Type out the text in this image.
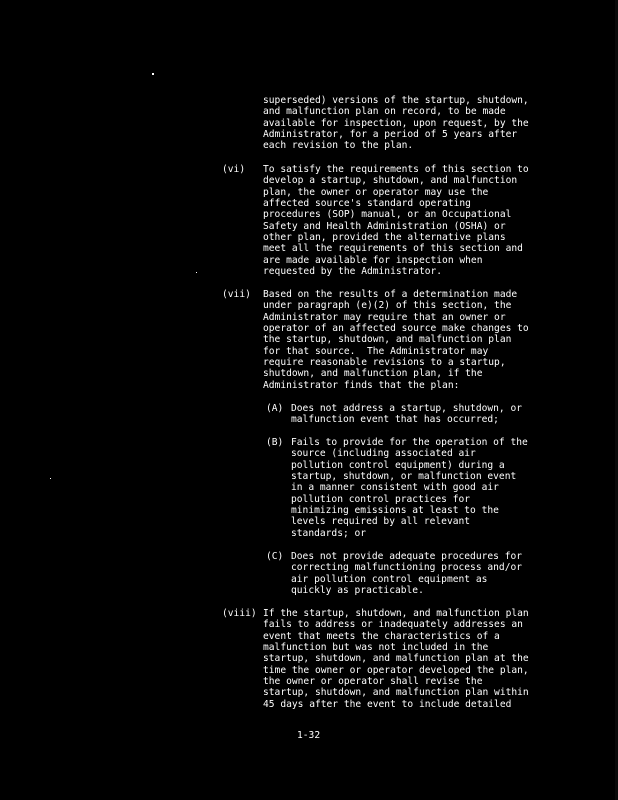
superseded) versions of the startup, shutdown,
and malfunction plan on record, to be made
available for inspection, upon request, by the
Administrator, for a period of 5 years after
each revision to the plan.
(vi) To satisfy the requirements of this section to
develop a startup, shutdown, and malfunction
plan, the owner or operator may use the
affected source's standard operating
procedures (SOP) manual, or an Occupational
Safety and Health Administration (OSHA) or
other plan, provided the alternative plans
meet all the requirements of this section and
are made available for inspection when
requested by the Administrator.
(vii) Based on the results of a determination made
under paragraph (e)(2) of this section, the
Administrator may require that an owner or
operator of an affected source make changes to
the startup, shutdown, and malfunction plan
for that source.  The Administrator may
require reasonable revisions to a startup,
shutdown, and malfunction plan, if the
Administrator finds that the plan:
(A) Does not address a startup, shutdown, or
malfunction event that has occurred;
(B) Fails to provide for the operation of the
source (including associated air
pollution control equipment) during a
startup, shutdown, or malfunction event
in a manner consistent with good air
pollution control practices for
minimizing emissions at least to the
levels required by all relevant
standards; or
(C) Does not provide adequate procedures for
correcting malfunctioning process and/or
air pollution control equipment as
quickly as practicable.
(viii) If the startup, shutdown, and malfunction plan
fails to address or inadequately addresses an
event that meets the characteristics of a
malfunction but was not included in the
startup, shutdown, and malfunction plan at the
time the owner or operator developed the plan,
the owner or operator shall revise the
startup, shutdown, and malfunction plan within
45 days after the event to include detailed
1-32
